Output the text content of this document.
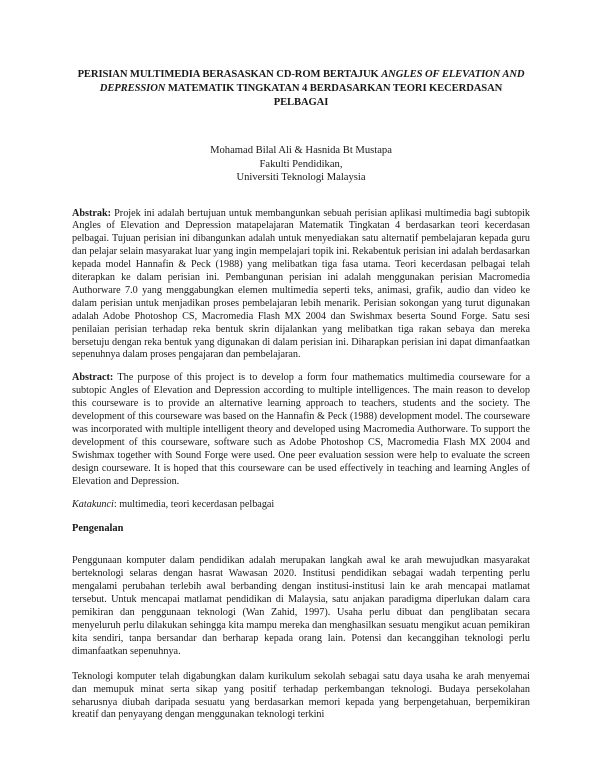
PERISIAN MULTIMEDIA BERASASKAN CD-ROM BERTAJUK ANGLES OF ELEVATION AND DEPRESSION MATEMATIK TINGKATAN 4 BERDASARKAN TEORI KECERDASAN PELBAGAI
Mohamad Bilal Ali & Hasnida Bt Mustapa
Fakulti Pendidikan,
Universiti Teknologi Malaysia

Abstrak: Projek ini adalah bertujuan untuk membangunkan sebuah perisian aplikasi multimedia bagi subtopik Angles of Elevation and Depression matapelajaran Matematik Tingkatan 4 berdasarkan teori kecerdasan pelbagai. Tujuan perisian ini dibangunkan adalah untuk menyediakan satu alternatif pembelajaran kepada guru dan pelajar selain masyarakat luar yang ingin mempelajari topik ini. Rekabentuk perisian ini adalah berdasarkan kepada model Hannafin & Peck (1988) yang melibatkan tiga fasa utama. Teori kecerdasan pelbagai telah diterapkan ke dalam perisian ini. Pembangunan perisian ini adalah menggunakan perisian Macromedia Authorware 7.0 yang menggabungkan elemen multimedia seperti teks, animasi, grafik, audio dan video ke dalam perisian untuk menjadikan proses pembelajaran lebih menarik. Perisian sokongan yang turut digunakan adalah Adobe Photoshop CS, Macromedia Flash MX 2004 dan Swishmax beserta Sound Forge. Satu sesi penilaian perisian terhadap reka bentuk skrin dijalankan yang melibatkan tiga rakan sebaya dan mereka bersetuju dengan reka bentuk yang digunakan di dalam perisian ini. Diharapkan perisian ini dapat dimanfaatkan sepenuhnya dalam proses pengajaran dan pembelajaran.

Abstract: The purpose of this project is to develop a form four mathematics multimedia courseware for a subtopic Angles of Elevation and Depression according to multiple intelligences. The main reason to develop this courseware is to provide an alternative learning approach to teachers, students and the society. The development of this courseware was based on the Hannafin & Peck (1988) development model. The courseware was incorporated with multiple intelligent theory and developed using Macromedia Authorware. To support the development of this courseware, software such as Adobe Photoshop CS, Macromedia Flash MX 2004 and Swishmax together with Sound Forge were used. One peer evaluation session were help to evaluate the screen design courseware. It is hoped that this courseware can be used effectively in teaching and learning Angles of Elevation and Depression.

Katakunci: multimedia, teori kecerdasan pelbagai

Pengenalan

Penggunaan komputer dalam pendidikan adalah merupakan langkah awal ke arah mewujudkan masyarakat berteknologi selaras dengan hasrat Wawasan 2020. Institusi pendidikan sebagai wadah terpenting perlu mengalami perubahan terlebih awal berbanding dengan institusi-institusi lain ke arah mencapai matlamat tersebut. Untuk mencapai matlamat pendidikan di Malaysia, satu anjakan paradigma diperlukan dalam cara pemikiran dan penggunaan teknologi (Wan Zahid, 1997). Usaha perlu dibuat dan penglibatan secara menyeluruh perlu dilakukan sehingga kita mampu mereka dan menghasilkan sesuatu mengikut acuan pemikiran kita sendiri, tanpa bersandar dan berharap kepada orang lain. Potensi dan kecanggihan teknologi perlu dimanfaatkan sepenuhnya.

Teknologi komputer telah digabungkan dalam kurikulum sekolah sebagai satu daya usaha ke arah menyemai dan memupuk minat serta sikap yang positif terhadap perkembangan teknologi. Budaya persekolahan seharusnya diubah daripada sesuatu yang berdasarkan memori kepada yang berpengetahuan, berpemikiran kreatif dan penyayang dengan menggunakan teknologi terkini
